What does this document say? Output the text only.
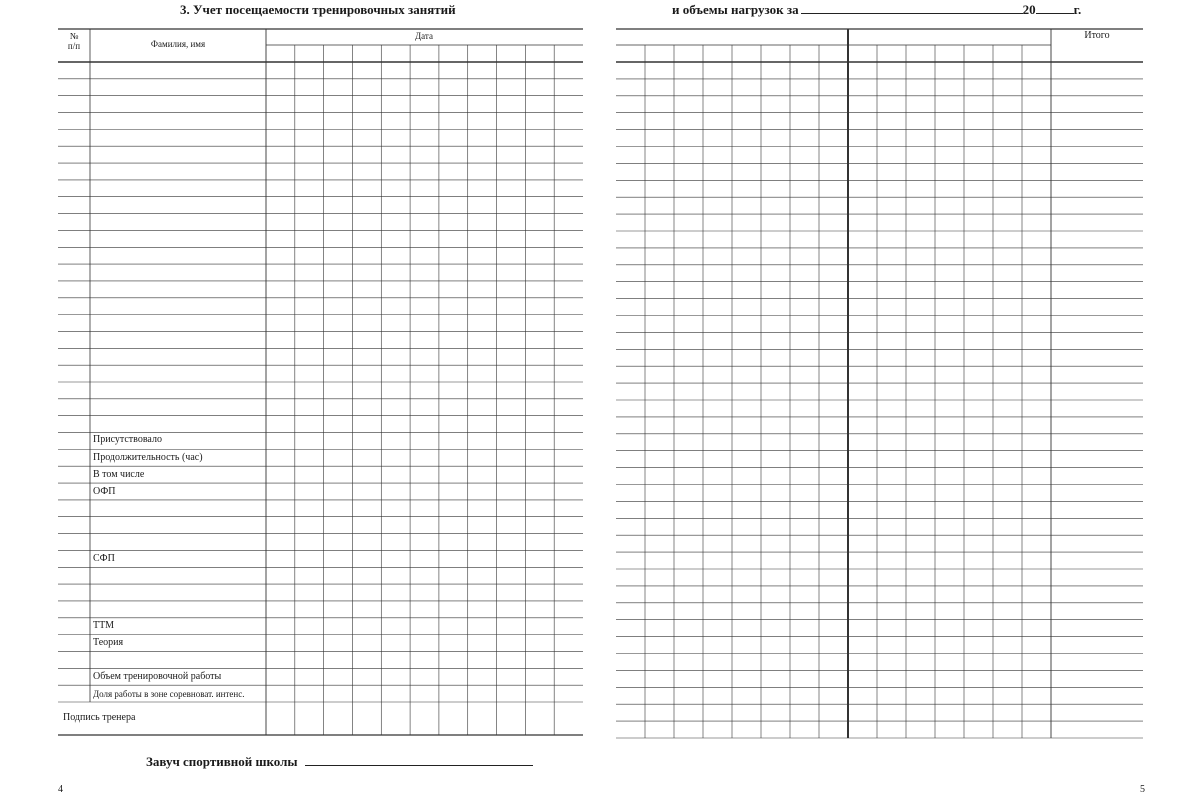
3. Учет посещаемости тренировочных занятий
№
п/п	Фамилия, имя
Дата
Присутствовало
Продолжительность (час)
В том числе
ОФП
СФП
ТТМ
Теория
Объем тренировочной работы
Доля работы в зоне соревноват. интенс.
Подпись тренера
Завуч спортивной школы
4
и объемы нагрузок за	20	г.
Итого
5
